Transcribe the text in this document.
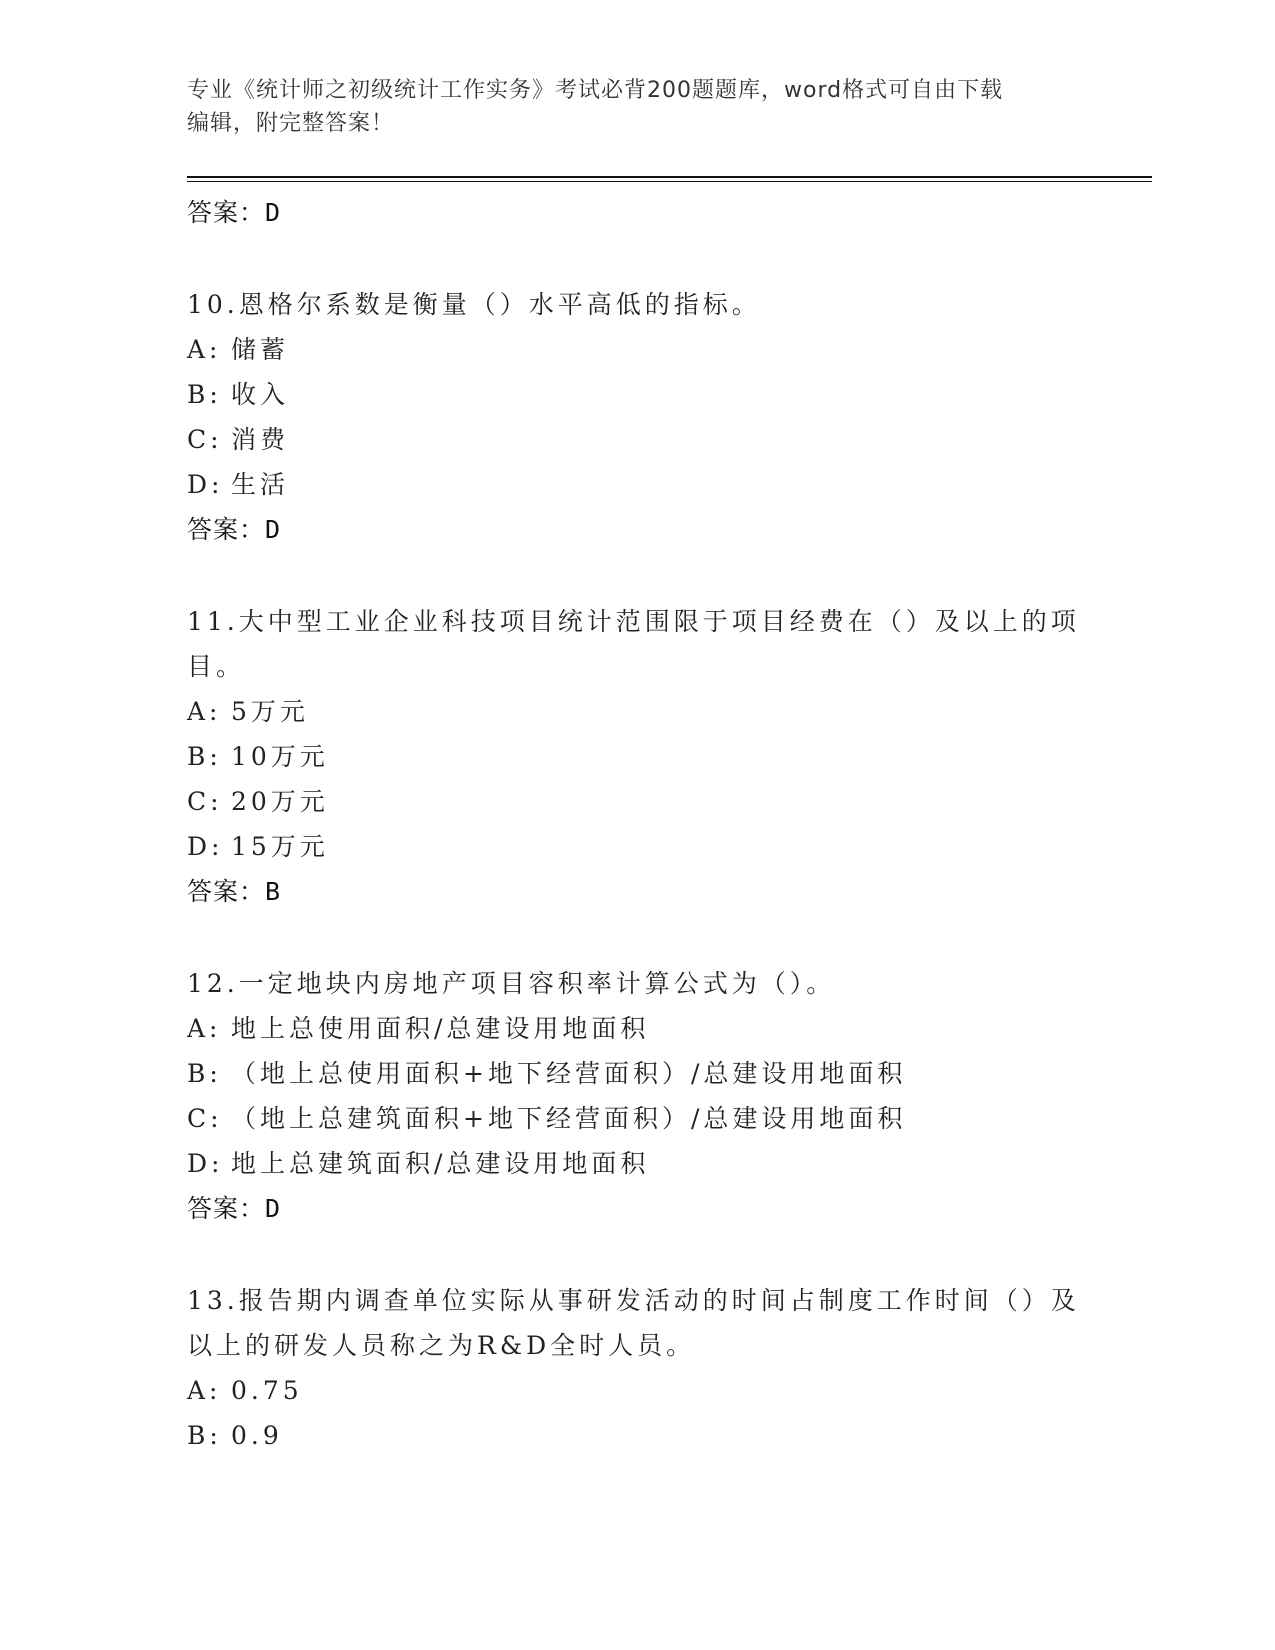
专业《统计师之初级统计工作实务》考试必背200题题库，word格式可自由下载
编辑，附完整答案！
答案：D
10.恩格尔系数是衡量（）水平高低的指标。
A: 储蓄
B: 收入
C: 消费
D: 生活
答案：D
11.大中型工业企业科技项目统计范围限于项目经费在（）及以上的项目。
A: 5万元
B: 10万元
C: 20万元
D: 15万元
答案：B
12.一定地块内房地产项目容积率计算公式为（）。
A: 地上总使用面积/总建设用地面积
B: （地上总使用面积+地下经营面积）/总建设用地面积
C: （地上总建筑面积+地下经营面积）/总建设用地面积
D: 地上总建筑面积/总建设用地面积
答案：D
13.报告期内调查单位实际从事研发活动的时间占制度工作时间（）及以上的研发人员称之为R&D全时人员。
A: 0.75
B: 0.9
